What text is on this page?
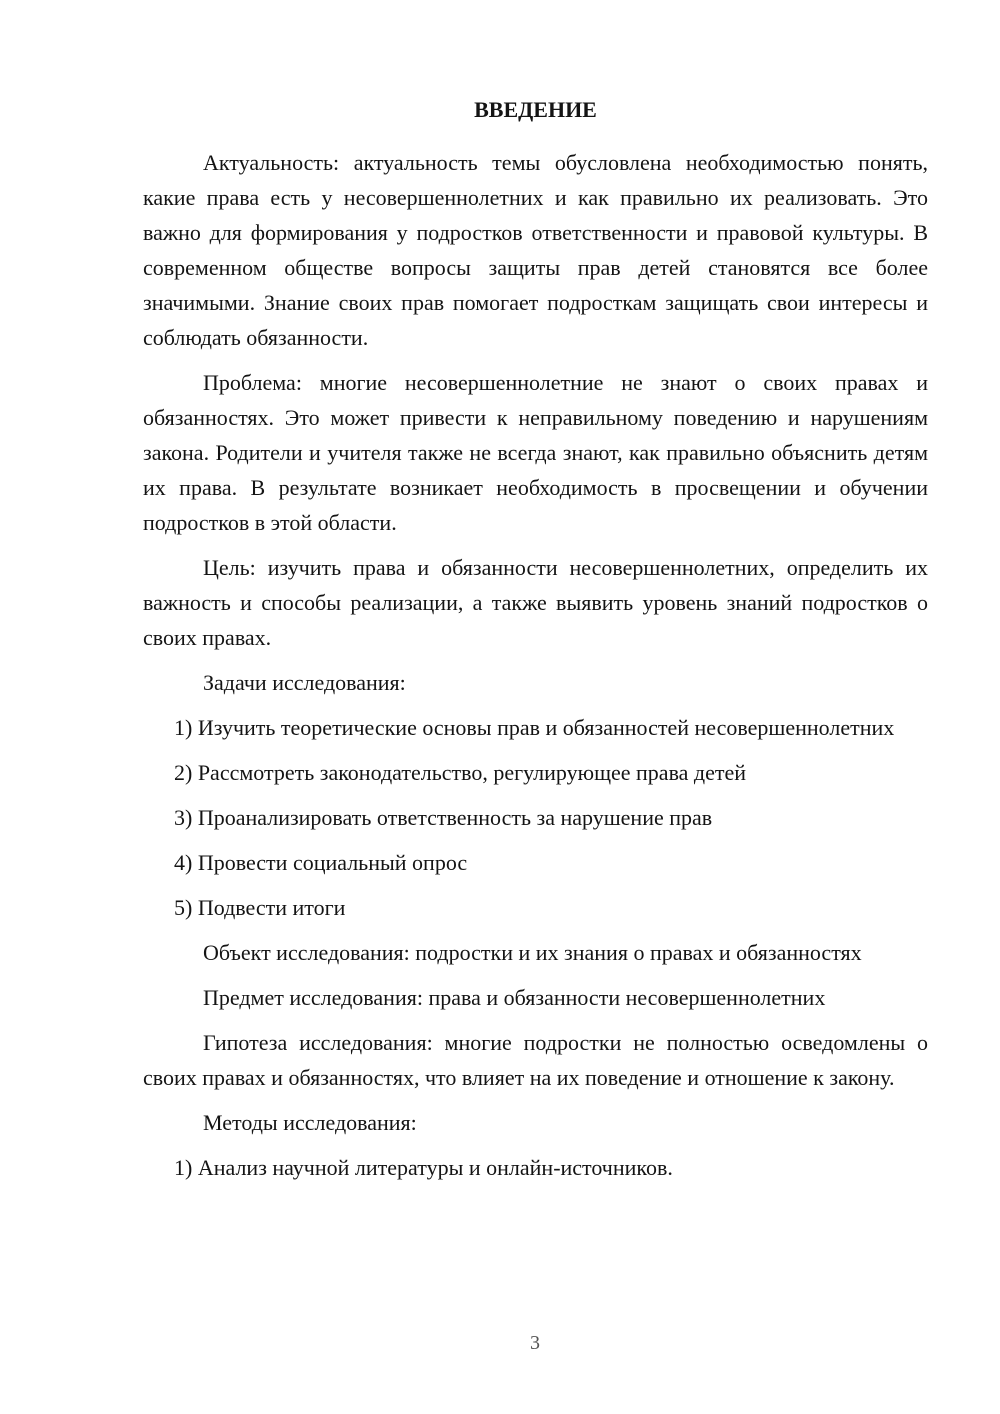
ВВЕДЕНИЕ

Актуальность: актуальность темы обусловлена необходимостью понять, какие права есть у несовершеннолетних и как правильно их реализовать. Это важно для формирования у подростков ответственности и правовой культуры. В современном обществе вопросы защиты прав детей становятся все более значимыми. Знание своих прав помогает подросткам защищать свои интересы и соблюдать обязанности.

Проблема: многие несовершеннолетние не знают о своих правах и обязанностях. Это может привести к неправильному поведению и нарушениям закона. Родители и учителя также не всегда знают, как правильно объяснить детям их права. В результате возникает необходимость в просвещении и обучении подростков в этой области.

Цель: изучить права и обязанности несовершеннолетних, определить их важность и способы реализации, а также выявить уровень знаний подростков о своих правах.

Задачи исследования:

1) Изучить теоретические основы прав и обязанностей несовершеннолетних

2) Рассмотреть законодательство, регулирующее права детей

3) Проанализировать ответственность за нарушение прав

4) Провести социальный опрос

5) Подвести итоги

Объект исследования: подростки и их знания о правах и обязанностях

Предмет исследования: права и обязанности несовершеннолетних

Гипотеза исследования: многие подростки не полностью осведомлены о своих правах и обязанностях, что влияет на их поведение и отношение к закону.

Методы исследования:

1) Анализ научной литературы и онлайн-источников.

3
